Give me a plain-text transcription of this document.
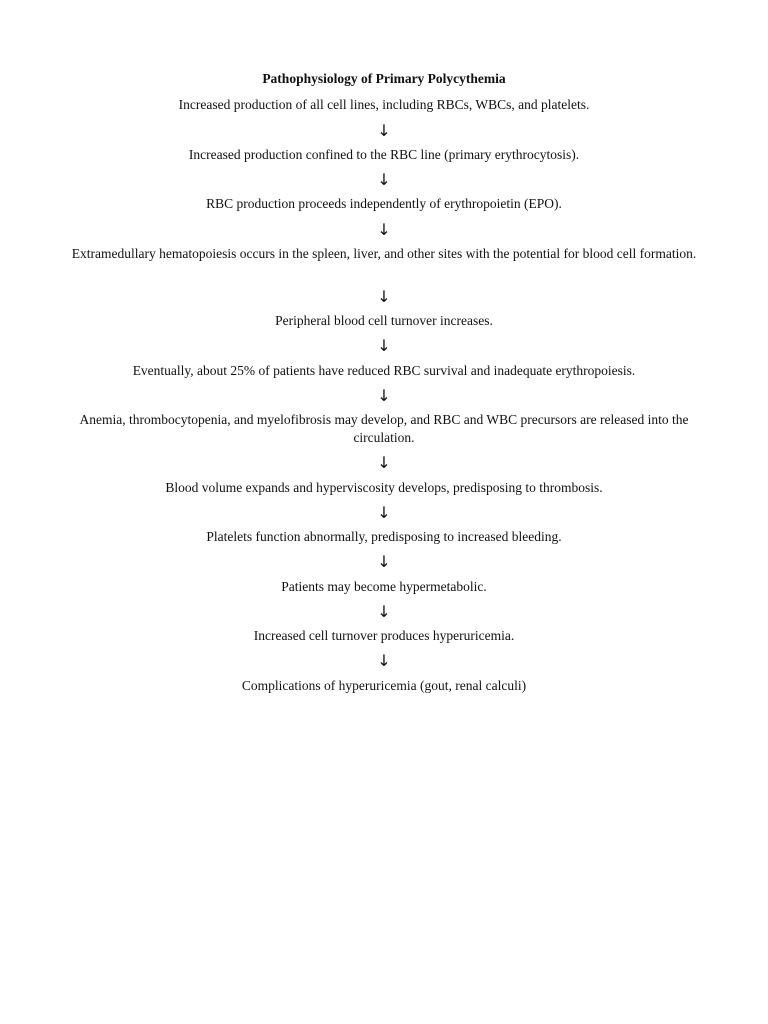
Pathophysiology of Primary Polycythemia
Increased production of all cell lines, including RBCs, WBCs, and platelets.
↓
Increased production confined to the RBC line (primary erythrocytosis).
↓
RBC production proceeds independently of erythropoietin (EPO).
↓
Extramedullary hematopoiesis occurs in the spleen, liver, and other sites with the potential for blood cell formation.
↓
Peripheral blood cell turnover increases.
↓
Eventually, about 25% of patients have reduced RBC survival and inadequate erythropoiesis.
↓
Anemia, thrombocytopenia, and myelofibrosis may develop, and RBC and WBC precursors are released into the circulation.
↓
Blood volume expands and hyperviscosity develops, predisposing to thrombosis.
↓
Platelets function abnormally, predisposing to increased bleeding.
↓
Patients may become hypermetabolic.
↓
Increased cell turnover produces hyperuricemia.
↓
Complications of hyperuricemia (gout, renal calculi)
